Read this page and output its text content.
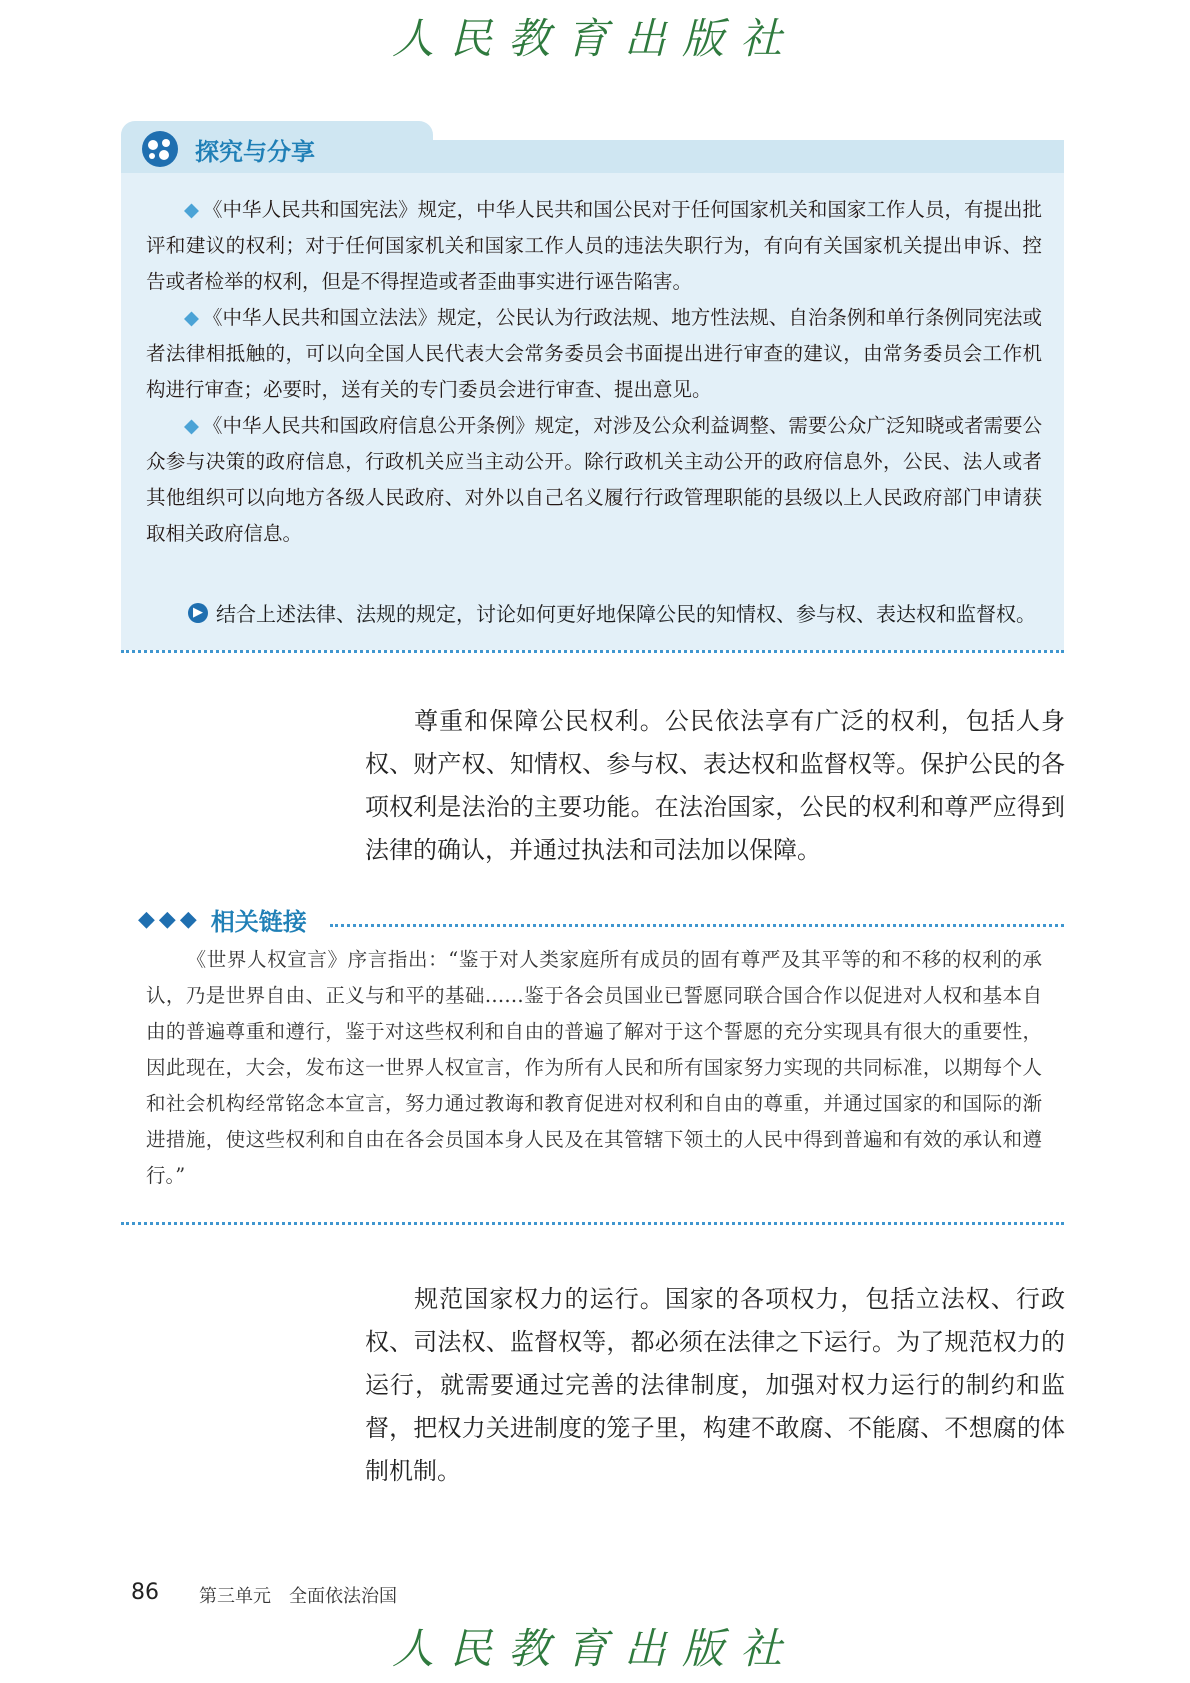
人民教育出版社
探究与分享
◆ 《中华人民共和国宪法》规定，中华人民共和国公民对于任何国家机关和国家工作人员，有提出批评和建议的权利；对于任何国家机关和国家工作人员的违法失职行为，有向有关国家机关提出申诉、控告或者检举的权利，但是不得捏造或者歪曲事实进行诬告陷害。
◆ 《中华人民共和国立法法》规定，公民认为行政法规、地方性法规、自治条例和单行条例同宪法或者法律相抵触的，可以向全国人民代表大会常务委员会书面提出进行审查的建议，由常务委员会工作机构进行审查；必要时，送有关的专门委员会进行审查、提出意见。
◆ 《中华人民共和国政府信息公开条例》规定，对涉及公众利益调整、需要公众广泛知晓或者需要公众参与决策的政府信息，行政机关应当主动公开。除行政机关主动公开的政府信息外，公民、法人或者其他组织可以向地方各级人民政府、对外以自己名义履行行政管理职能的县级以上人民政府部门申请获取相关政府信息。
▶ 结合上述法律、法规的规定，讨论如何更好地保障公民的知情权、参与权、表达权和监督权。
尊重和保障公民权利。公民依法享有广泛的权利，包括人身权、财产权、知情权、参与权、表达权和监督权等。保护公民的各项权利是法治的主要功能。在法治国家，公民的权利和尊严应得到法律的确认，并通过执法和司法加以保障。
◆◆◆ 相关链接
《世界人权宣言》序言指出：“鉴于对人类家庭所有成员的固有尊严及其平等的和不移的权利的承认，乃是世界自由、正义与和平的基础……鉴于各会员国业已誓愿同联合国合作以促进对人权和基本自由的普遍尊重和遵行，鉴于对这些权利和自由的普遍了解对于这个誓愿的充分实现具有很大的重要性，因此现在，大会，发布这一世界人权宣言，作为所有人民和所有国家努力实现的共同标准，以期每个人和社会机构经常铭念本宣言，努力通过教诲和教育促进对权利和自由的尊重，并通过国家的和国际的渐进措施，使这些权利和自由在各会员国本身人民及在其管辖下领土的人民中得到普遍和有效的承认和遵行。”
规范国家权力的运行。国家的各项权力，包括立法权、行政权、司法权、监督权等，都必须在法律之下运行。为了规范权力的运行，就需要通过完善的法律制度，加强对权力运行的制约和监督，把权力关进制度的笼子里，构建不敢腐、不能腐、不想腐的体制机制。
86 第三单元　全面依法治国
人民教育出版社
